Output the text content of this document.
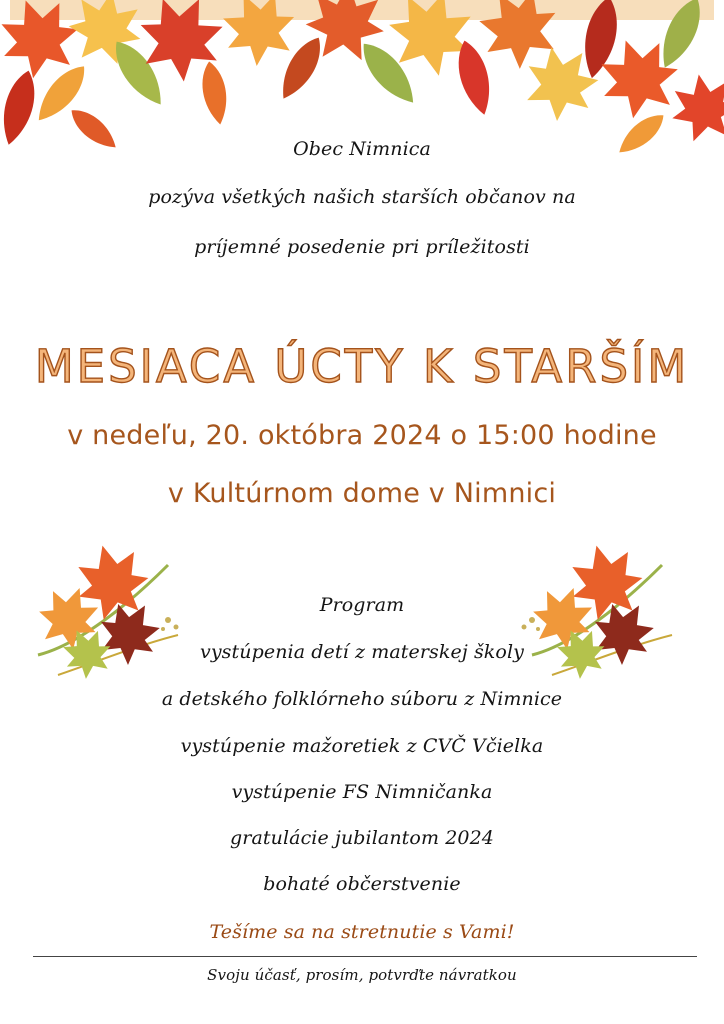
Obec Nimnica
pozýva všetkých našich starších občanov na
príjemné posedenie pri príležitosti
MESIACA ÚCTY K STARŠÍM
v nedeľu, 20. októbra 2024 o 15:00 hodine
v Kultúrnom dome v Nimnici
Program
vystúpenia detí z materskej školy
a detského folklórneho súboru z Nimnice
vystúpenie mažoretiek z CVČ Včielka
vystúpenie FS Nimničanka
gratulácie jubilantom 2024
bohaté občerstvenie
Tešíme sa na stretnutie s Vami!
Svoju účasť, prosím, potvrďte návratkou
